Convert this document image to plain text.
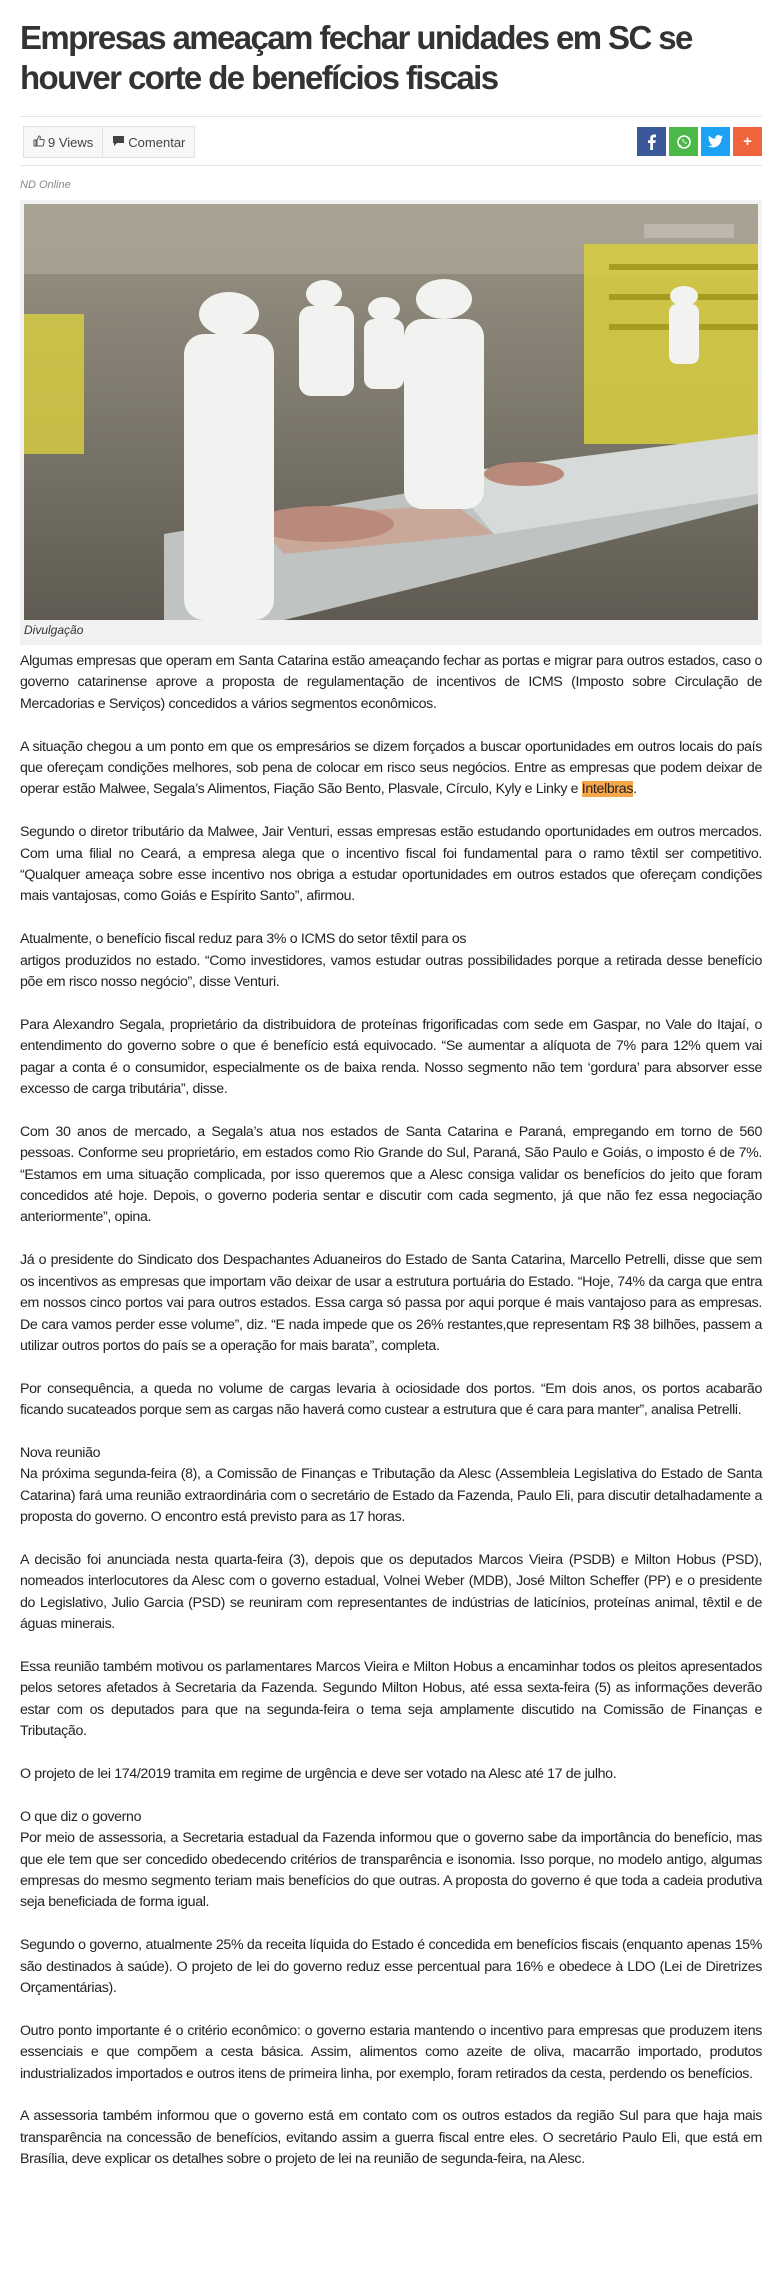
Empresas ameaçam fechar unidades em SC se houver corte de benefícios fiscais
9 Views	Comentar	+
ND Online
Divulgação

Algumas empresas que operam em Santa Catarina estão ameaçando fechar as portas e migrar para outros estados, caso o governo catarinense aprove a proposta de regulamentação de incentivos de ICMS (Imposto sobre Circulação de Mercadorias e Serviços) concedidos a vários segmentos econômicos.

A situação chegou a um ponto em que os empresários se dizem forçados a buscar oportunidades em outros locais do país que ofereçam condições melhores, sob pena de colocar em risco seus negócios. Entre as empresas que podem deixar de operar estão Malwee, Segala’s Alimentos, Fiação São Bento, Plasvale, Círculo, Kyly e Linky e Intelbras.

Segundo o diretor tributário da Malwee, Jair Venturi, essas empresas estão estudando oportunidades em outros mercados. Com uma filial no Ceará, a empresa alega que o incentivo fiscal foi fundamental para o ramo têxtil ser competitivo. “Qualquer ameaça sobre esse incentivo nos obriga a estudar oportunidades em outros estados que ofereçam condições mais vantajosas, como Goiás e Espírito Santo”, afirmou.

Atualmente, o benefício fiscal reduz para 3% o ICMS do setor têxtil para os
artigos produzidos no estado. “Como investidores, vamos estudar outras possibilidades porque a retirada desse benefício põe em risco nosso negócio”, disse Venturi.

Para Alexandro Segala, proprietário da distribuidora de proteínas frigorificadas com sede em Gaspar, no Vale do Itajaí, o entendimento do governo sobre o que é benefício está equivocado. “Se aumentar a alíquota de 7% para 12% quem vai pagar a conta é o consumidor, especialmente os de baixa renda. Nosso segmento não tem ‘gordura’ para absorver esse excesso de carga tributária”, disse.

Com 30 anos de mercado, a Segala’s atua nos estados de Santa Catarina e Paraná, empregando em torno de 560 pessoas. Conforme seu proprietário, em estados como Rio Grande do Sul, Paraná, São Paulo e Goiás, o imposto é de 7%. “Estamos em uma situação complicada, por isso queremos que a Alesc consiga validar os benefícios do jeito que foram concedidos até hoje. Depois, o governo poderia sentar e discutir com cada segmento, já que não fez essa negociação anteriormente”, opina.

Já o presidente do Sindicato dos Despachantes Aduaneiros do Estado de Santa Catarina, Marcello Petrelli, disse que sem os incentivos as empresas que importam vão deixar de usar a estrutura portuária do Estado. “Hoje, 74% da carga que entra em nossos cinco portos vai para outros estados. Essa carga só passa por aqui porque é mais vantajoso para as empresas. De cara vamos perder esse volume”, diz. “E nada impede que os 26% restantes,que representam R$ 38 bilhões, passem a utilizar outros portos do país se a operação for mais barata”, completa.

Por consequência, a queda no volume de cargas levaria à ociosidade dos portos. “Em dois anos, os portos acabarão ficando sucateados porque sem as cargas não haverá como custear a estrutura que é cara para manter”, analisa Petrelli.

Nova reunião
Na próxima segunda-feira (8), a Comissão de Finanças e Tributação da Alesc (Assembleia Legislativa do Estado de Santa Catarina) fará uma reunião extraordinária com o secretário de Estado da Fazenda, Paulo Eli, para discutir detalhadamente a proposta do governo. O encontro está previsto para as 17 horas.

A decisão foi anunciada nesta quarta-feira (3), depois que os deputados Marcos Vieira (PSDB) e Milton Hobus (PSD), nomeados interlocutores da Alesc com o governo estadual, Volnei Weber (MDB), José Milton Scheffer (PP) e o presidente do Legislativo, Julio Garcia (PSD) se reuniram com representantes de indústrias de laticínios, proteínas animal, têxtil e de águas minerais.

Essa reunião também motivou os parlamentares Marcos Vieira e Milton Hobus a encaminhar todos os pleitos apresentados pelos setores afetados à Secretaria da Fazenda. Segundo Milton Hobus, até essa sexta-feira (5) as informações deverão estar com os deputados para que na segunda-feira o tema seja amplamente discutido na Comissão de Finanças e Tributação.

O projeto de lei 174/2019 tramita em regime de urgência e deve ser votado na Alesc até 17 de julho.

O que diz o governo
Por meio de assessoria, a Secretaria estadual da Fazenda informou que o governo sabe da importância do benefício, mas que ele tem que ser concedido obedecendo critérios de transparência e isonomia. Isso porque, no modelo antigo, algumas empresas do mesmo segmento teriam mais benefícios do que outras. A proposta do governo é que toda a cadeia produtiva seja beneficiada de forma igual.

Segundo o governo, atualmente 25% da receita líquida do Estado é concedida em benefícios fiscais (enquanto apenas 15% são destinados à saúde). O projeto de lei do governo reduz esse percentual para 16% e obedece à LDO (Lei de Diretrizes Orçamentárias).

Outro ponto importante é o critério econômico: o governo estaria mantendo o incentivo para empresas que produzem itens essenciais e que compõem a cesta básica. Assim, alimentos como azeite de oliva, macarrão importado, produtos industrializados importados e outros itens de primeira linha, por exemplo, foram retirados da cesta, perdendo os benefícios.

A assessoria também informou que o governo está em contato com os outros estados da região Sul para que haja mais transparência na concessão de benefícios, evitando assim a guerra fiscal entre eles. O secretário Paulo Eli, que está em Brasília, deve explicar os detalhes sobre o projeto de lei na reunião de segunda-feira, na Alesc.
